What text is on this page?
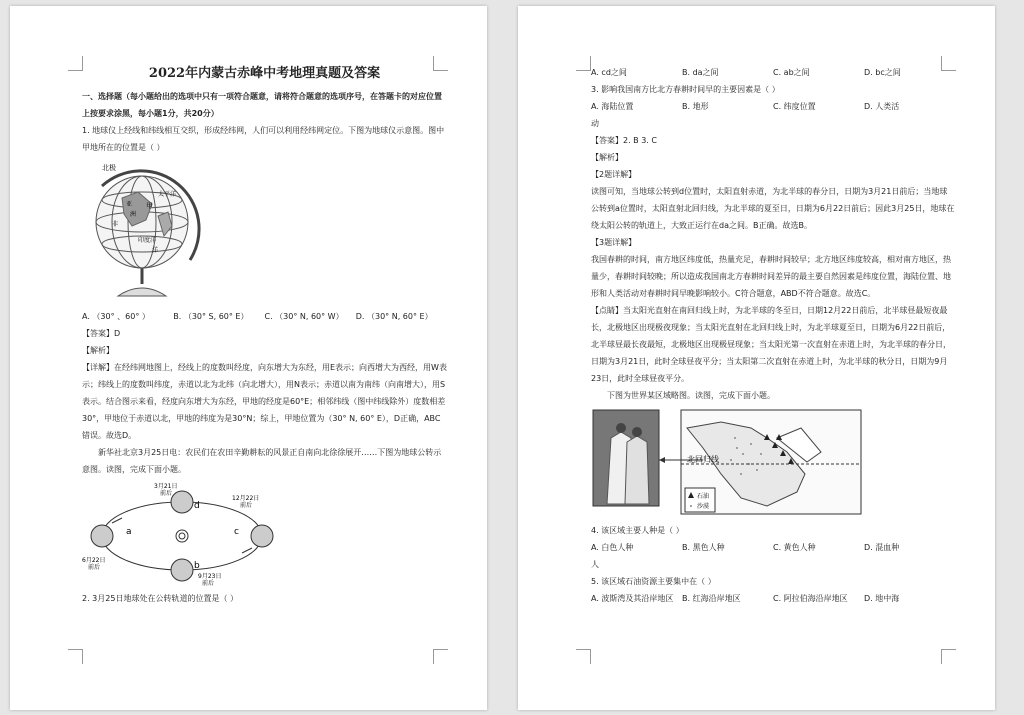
2022年内蒙古赤峰中考地理真题及答案

一、选择题（每小题给出的选项中只有一项符合题意，请将符合题意的选项序号，在答题卡的对应位置上按要求涂黑，每小题1分，共20分）

1. 地球仪上经线和纬线相互交织，形成经纬网，人们可以利用经纬网定位。下图为地球仪示意图。图中甲地所在的位置是（ ）

北极
甲
亚
洲
非
太平洋
印度洋
洋
A. （30° 、60° ）	B. （30° S, 60° E）	C. （30° N, 60° W）	D. （30° N, 60° E）

【答案】D

【解析】

【详解】在经纬网地图上，经线上的度数叫经度，向东增大为东经，用E表示；向西增大为西经，用W表示；纬线上的度数叫纬度，赤道以北为北纬（向北增大），用N表示；赤道以南为南纬（向南增大），用S表示。结合图示来看，经度向东增大为东经，甲地的经度是60°E；相邻纬线（图中纬线除外）度数相差30°，甲地位于赤道以北，甲地的纬度为是30°N；综上，甲地位置为（30° N, 60° E），D正确，ABC错误。故选D。

新华社北京3月25日电：农民们在农田辛勤耕耘的风景正自南向北徐徐展开……下图为地球公转示意图。读图，完成下面小题。

3月21日
前后
12月22日
前后
6月22日
前后
9月23日
前后
a
b
c
d

2. 3月25日地球处在公转轨道的位置是（ ）

A. cd之间	B. da之间	C. ab之间	D. bc之间

3. 影响我国南方比北方春耕时间早的主要因素是（ ）

A. 海陆位置	B. 地形	C. 纬度位置	D. 人类活

动

【答案】2. B 3. C

【解析】

【2题详解】

读图可知，当地球公转到d位置时，太阳直射赤道，为北半球的春分日，日期为3月21日前后；当地球公转到a位置时，太阳直射北回归线，为北半球的夏至日，日期为6月22日前后；因此3月25日，地球在绕太阳公转的轨道上，大致正运行在da之间。B正确。故选B。

【3题详解】

我国春耕的时间，南方地区纬度低，热量充足，春耕时间较早；北方地区纬度较高，相对南方地区，热量少，春耕时间较晚；所以造成我国南北方春耕时间差异的最主要自然因素是纬度位置，海陆位置、地形和人类活动对春耕时间早晚影响较小。C符合题意，ABD不符合题意。故选C。

【点睛】当太阳光直射在南回归线上时，为北半球的冬至日，日期12月22日前后，北半球昼最短夜最长，北极地区出现极夜现象；当太阳光直射在北回归线上时，为北半球夏至日，日期为6月22日前后，北半球昼最长夜最短，北极地区出现极昼现象；当太阳光第一次直射在赤道上时，为北半球的春分日，日期为3月21日，此时全球昼夜平分；当太阳第二次直射在赤道上时，为北半球的秋分日，日期为9月23日，此时全球昼夜平分。

下图为世界某区域略图。读图，完成下面小题。

北回归线
石油
沙漠

4. 该区域主要人种是（ ）

A. 白色人种	B. 黑色人种	C. 黄色人种	D. 混血种

人

5. 该区域石油资源主要集中在（ ）

A. 波斯湾及其沿岸地区	B. 红海沿岸地区	C. 阿拉伯海沿岸地区	D. 地中海
